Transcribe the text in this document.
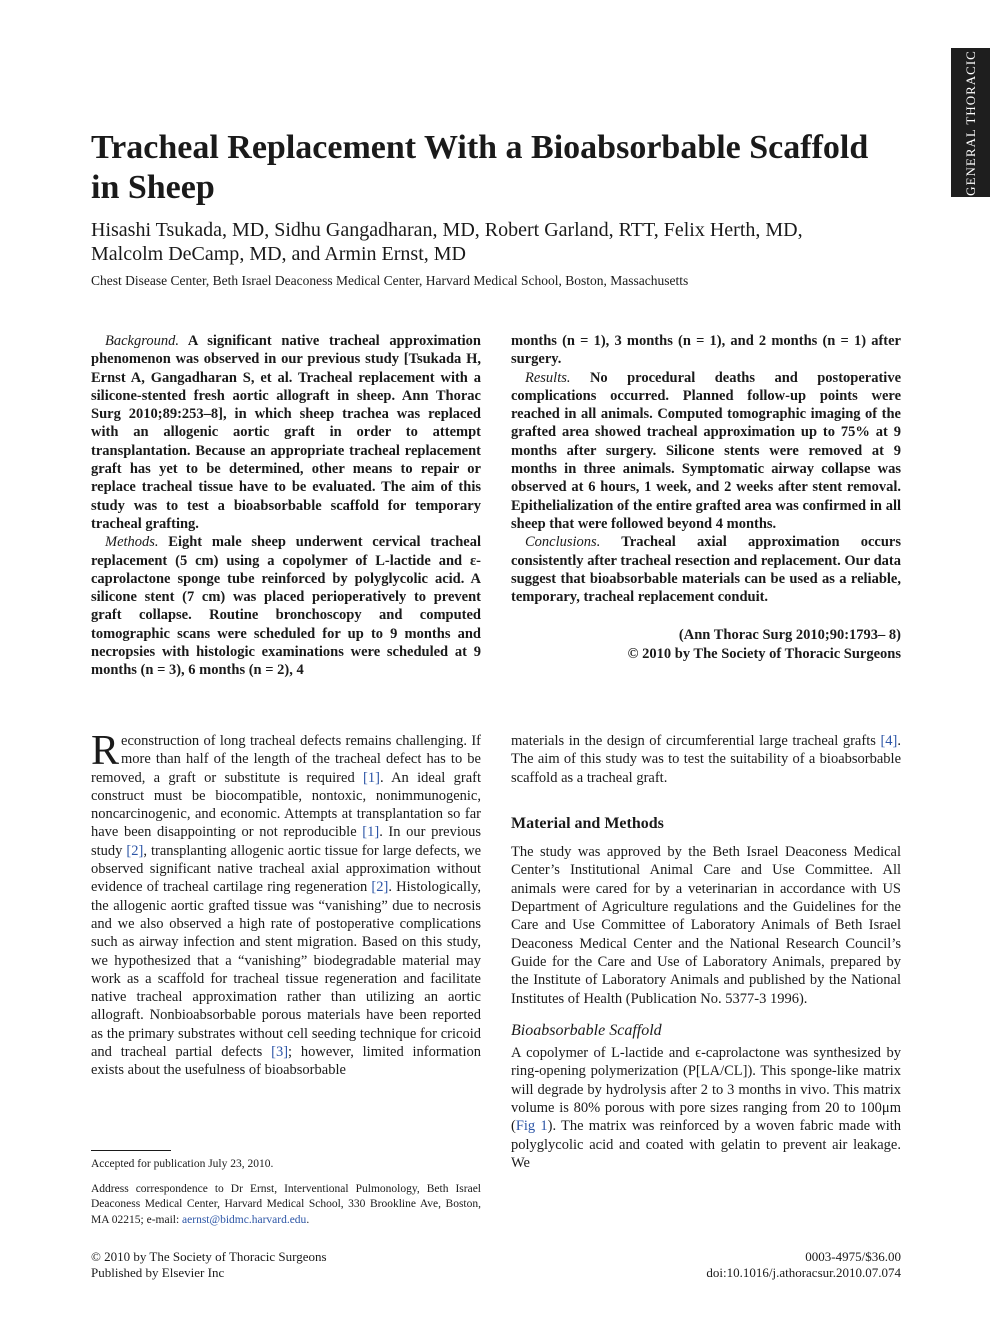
GENERAL THORACIC
Tracheal Replacement With a Bioabsorbable Scaffold in Sheep

Hisashi Tsukada, MD, Sidhu Gangadharan, MD, Robert Garland, RTT, Felix Herth, MD,
Malcolm DeCamp, MD, and Armin Ernst, MD

Chest Disease Center, Beth Israel Deaconess Medical Center, Harvard Medical School, Boston, Massachusetts

Background. A significant native tracheal approximation phenomenon was observed in our previous study [Tsukada H, Ernst A, Gangadharan S, et al. Tracheal replacement with a silicone-stented fresh aortic allograft in sheep. Ann Thorac Surg 2010;89:253–8], in which sheep trachea was replaced with an allogenic aortic graft in order to attempt transplantation. Because an appropriate tracheal replacement graft has yet to be determined, other means to repair or replace tracheal tissue have to be evaluated. The aim of this study was to test a bioabsorbable scaffold for temporary tracheal grafting.

Methods. Eight male sheep underwent cervical tracheal replacement (5 cm) using a copolymer of L-lactide and ε-caprolactone sponge tube reinforced by polyglycolic acid. A silicone stent (7 cm) was placed perioperatively to prevent graft collapse. Routine bronchoscopy and computed tomographic scans were scheduled for up to 9 months and necropsies with histologic examinations were scheduled at 9 months (n = 3), 6 months (n = 2), 4

months (n = 1), 3 months (n = 1), and 2 months (n = 1) after surgery.

Results. No procedural deaths and postoperative complications occurred. Planned follow-up points were reached in all animals. Computed tomographic imaging of the grafted area showed tracheal approximation up to 75% at 9 months after surgery. Silicone stents were removed at 9 months in three animals. Symptomatic airway collapse was observed at 6 hours, 1 week, and 2 weeks after stent removal. Epithelialization of the entire grafted area was confirmed in all sheep that were followed beyond 4 months.

Conclusions. Tracheal axial approximation occurs consistently after tracheal resection and replacement. Our data suggest that bioabsorbable materials can be used as a reliable, temporary, tracheal replacement conduit.

(Ann Thorac Surg 2010;90:1793– 8)
© 2010 by The Society of Thoracic Surgeons

Reconstruction of long tracheal defects remains challenging. If more than half of the length of the tracheal defect has to be removed, a graft or substitute is required [1]. An ideal graft construct must be biocompatible, nontoxic, nonimmunogenic, noncarcinogenic, and economic. Attempts at transplantation so far have been disappointing or not reproducible [1]. In our previous study [2], transplanting allogenic aortic tissue for large defects, we observed significant native tracheal axial approximation without evidence of tracheal cartilage ring regeneration [2]. Histologically, the allogenic aortic grafted tissue was “vanishing” due to necrosis and we also observed a high rate of postoperative complications such as airway infection and stent migration. Based on this study, we hypothesized that a “vanishing” biodegradable material may work as a scaffold for tracheal tissue regeneration and facilitate native tracheal approximation rather than utilizing an aortic allograft. Nonbioabsorbable porous materials have been reported as the primary substrates without cell seeding technique for cricoid and tracheal partial defects [3]; however, limited information exists about the usefulness of bioabsorbable

materials in the design of circumferential large tracheal grafts [4]. The aim of this study was to test the suitability of a bioabsorbable scaffold as a tracheal graft.

Material and Methods

The study was approved by the Beth Israel Deaconess Medical Center’s Institutional Animal Care and Use Committee. All animals were cared for by a veterinarian in accordance with US Department of Agriculture regulations and the Guidelines for the Care and Use Committee of Laboratory Animals of Beth Israel Deaconess Medical Center and the National Research Council’s Guide for the Care and Use of Laboratory Animals, prepared by the Institute of Laboratory Animals and published by the National Institutes of Health (Publication No. 5377-3 1996).

Bioabsorbable Scaffold

A copolymer of L-lactide and ϵ-caprolactone was synthesized by ring-opening polymerization (P[LA/CL]). This sponge-like matrix will degrade by hydrolysis after 2 to 3 months in vivo. This matrix volume is 80% porous with pore sizes ranging from 20 to 100μm (Fig 1). The matrix was reinforced by a woven fabric made with polyglycolic acid and coated with gelatin to prevent air leakage. We

Accepted for publication July 23, 2010.

Address correspondence to Dr Ernst, Interventional Pulmonology, Beth Israel Deaconess Medical Center, Harvard Medical School, 330 Brookline Ave, Boston, MA 02215; e-mail: aernst@bidmc.harvard.edu.

© 2010 by The Society of Thoracic Surgeons
Published by Elsevier Inc
0003-4975/$36.00
doi:10.1016/j.athoracsur.2010.07.074
